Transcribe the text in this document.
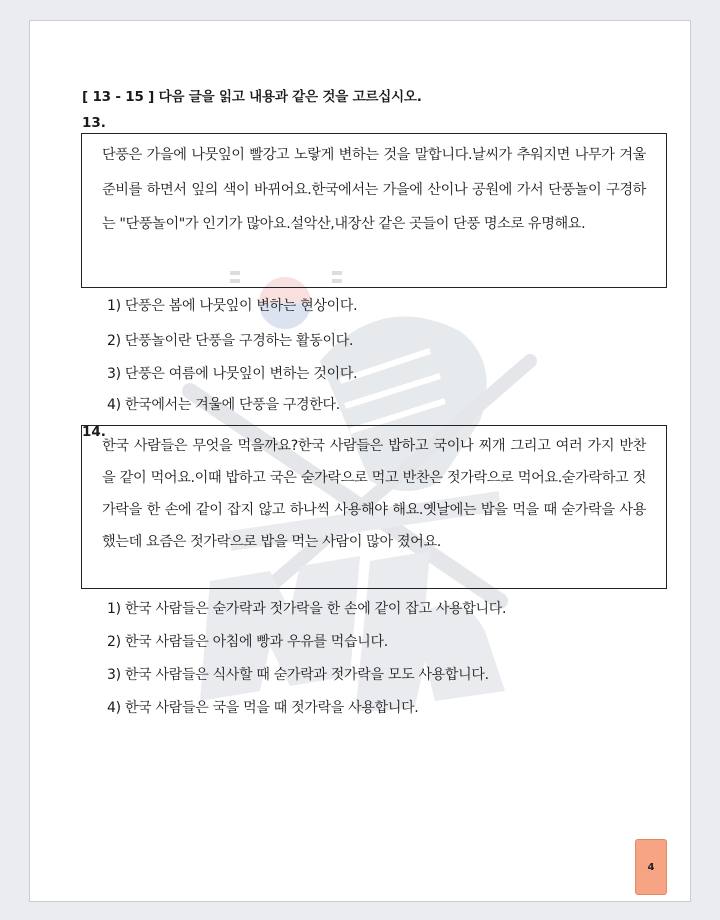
[ 13 - 15 ] 다음 글을 읽고 내용과 같은 것을 고르십시오.
13.

단풍은 가을에 나뭇잎이 빨강고 노랗게 변하는 것을 말합니다.날씨가 추워지면 나무가 겨울 준비를 하면서 잎의 색이 바뀌어요.한국에서는 가을에 산이나 공원에 가서 단풍놀이 구경하는 "단풍놀이"가 인기가 많아요.설악산,내장산 같은 곳들이 단풍 명소로 유명해요.

1) 단풍은 봄에 나뭇잎이 변하는 현상이다.
2) 단풍놀이란 단풍을 구경하는 활동이다.
3) 단풍은 여름에 나뭇잎이 변하는 것이다.
4) 한국에서는 겨울에 단풍을 구경한다.
14.

한국 사람들은 무엇을 먹을까요?한국 사람들은 밥하고 국이나 찌개 그리고 여러 가지 반찬을 같이 먹어요.이때 밥하고 국은 숟가락으로 먹고 반찬은 젓가락으로 먹어요.숟가락하고 젓가락을 한 손에 같이 잡지 않고 하나씩 사용해야 해요.옛날에는 밥을 먹을 때 숟가락을 사용했는데 요즘은 젓가락으로 밥을 먹는 사람이 많아 졌어요.

1) 한국 사람들은 숟가락과 젓가락을 한 손에 같이 잡고 사용합니다.
2) 한국 사람들은 아침에 빵과 우유를 먹습니다.
3) 한국 사람들은 식사할 때 숟가락과 젓가락을 모도 사용합니다.
4) 한국 사람들은 국을 먹을 때 젓가락을 사용합니다.
4
